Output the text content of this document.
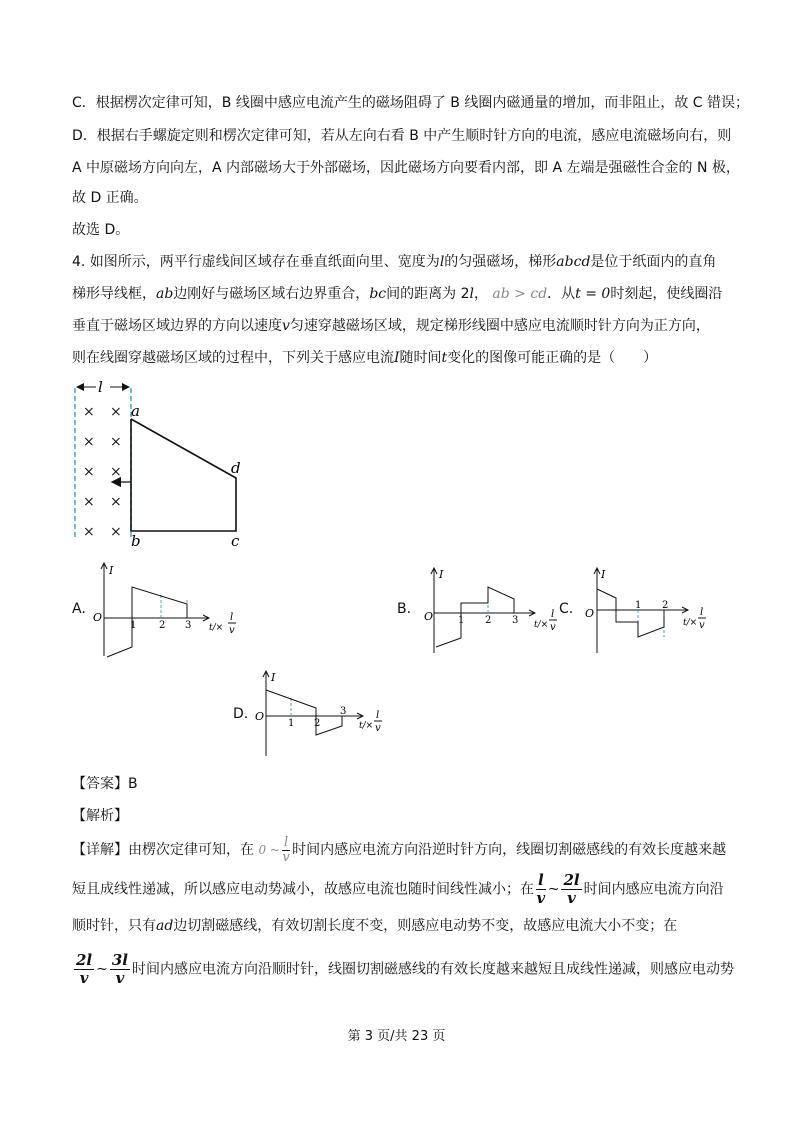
C．根据楞次定律可知，B 线圈中感应电流产生的磁场阻碍了 B 线圈内磁通量的增加，而非阻止，故 C 错误；
D．根据右手螺旋定则和楞次定律可知，若从左向右看 B 中产生顺时针方向的电流，感应电流磁场向右，则
A 中原磁场方向向左，A 内部磁场大于外部磁场，因此磁场方向要看内部，即 A 左端是强磁性合金的 N 极，
故 D 正确。
故选 D。
4. 如图所示，两平行虚线间区域存在垂直纸面向里、宽度为l的匀强磁场，梯形abcd是位于纸面内的直角
梯形导线框，ab边刚好与磁场区域右边界重合，bc间的距离为 2l， ab > cd．从t = 0时刻起，使线圈沿
垂直于磁场区域边界的方向以速度v匀速穿越磁场区域，规定梯形线圈中感应电流顺时针方向为正方向，
则在线圈穿越磁场区域的过程中，下列关于感应电流I随时间t变化的图像可能正确的是（　　）
l
× ×
× ×
× ×
× ×
× ×
a
d
b	c
A.
I
O
1 2 3 t/×
l
v
B.
I
O 1 2 3 t/×
l
v
C.
I
O
1 2
t/×
l
v
D.
I
O
1 2
3
t/×
l
v
【答案】B
【解析】
【详解】由楞次定律可知，在 0 ~ $\frac{l}{v}$ 时间内感应电流方向沿逆时针方向，线圈切割磁感线的有效长度越来越
短且成线性递减，所以感应电动势减小，故感应电流也随时间线性减小；在 $\frac{l}{v}$ ~ $\frac{2l}{v}$ 时间内感应电流方向沿
顺时针，只有ad边切割磁感线，有效切割长度不变，则感应电动势不变，故感应电流大小不变；在
$\frac{2l}{v}$ ~ $\frac{3l}{v}$ 时间内感应电流方向沿顺时针，线圈切割磁感线的有效长度越来越短且成线性递减，则感应电动势
第 3 页/共 23 页
